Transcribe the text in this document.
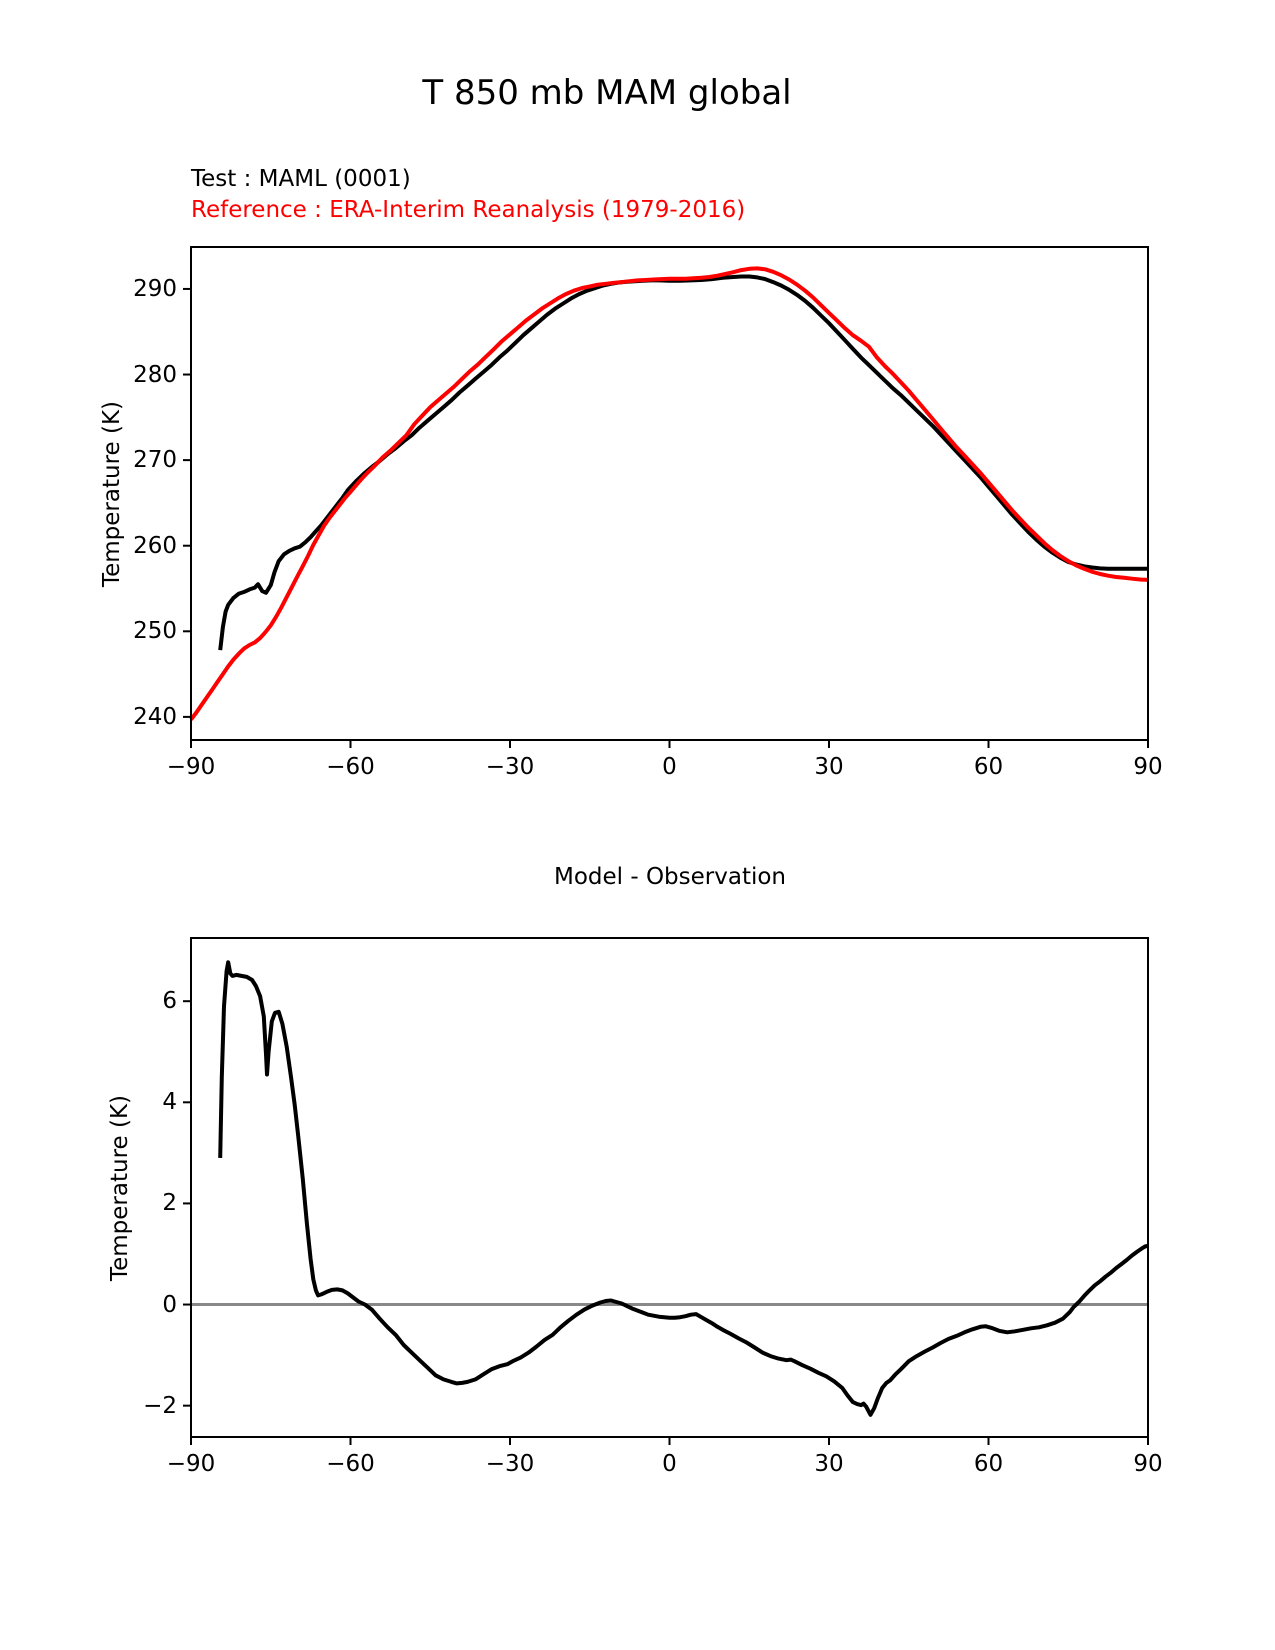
T 850 mb MAM global
Test : MAML (0001)
Reference : ERA-Interim Reanalysis (1979-2016)
Temperature (K)
Model - Observation
Temperature (K)
−90	−60	−30	0	30	60	90
240
250
260
270
280
290
−90	−60	−30	0	30	60	90
−2
0
2
4
6
